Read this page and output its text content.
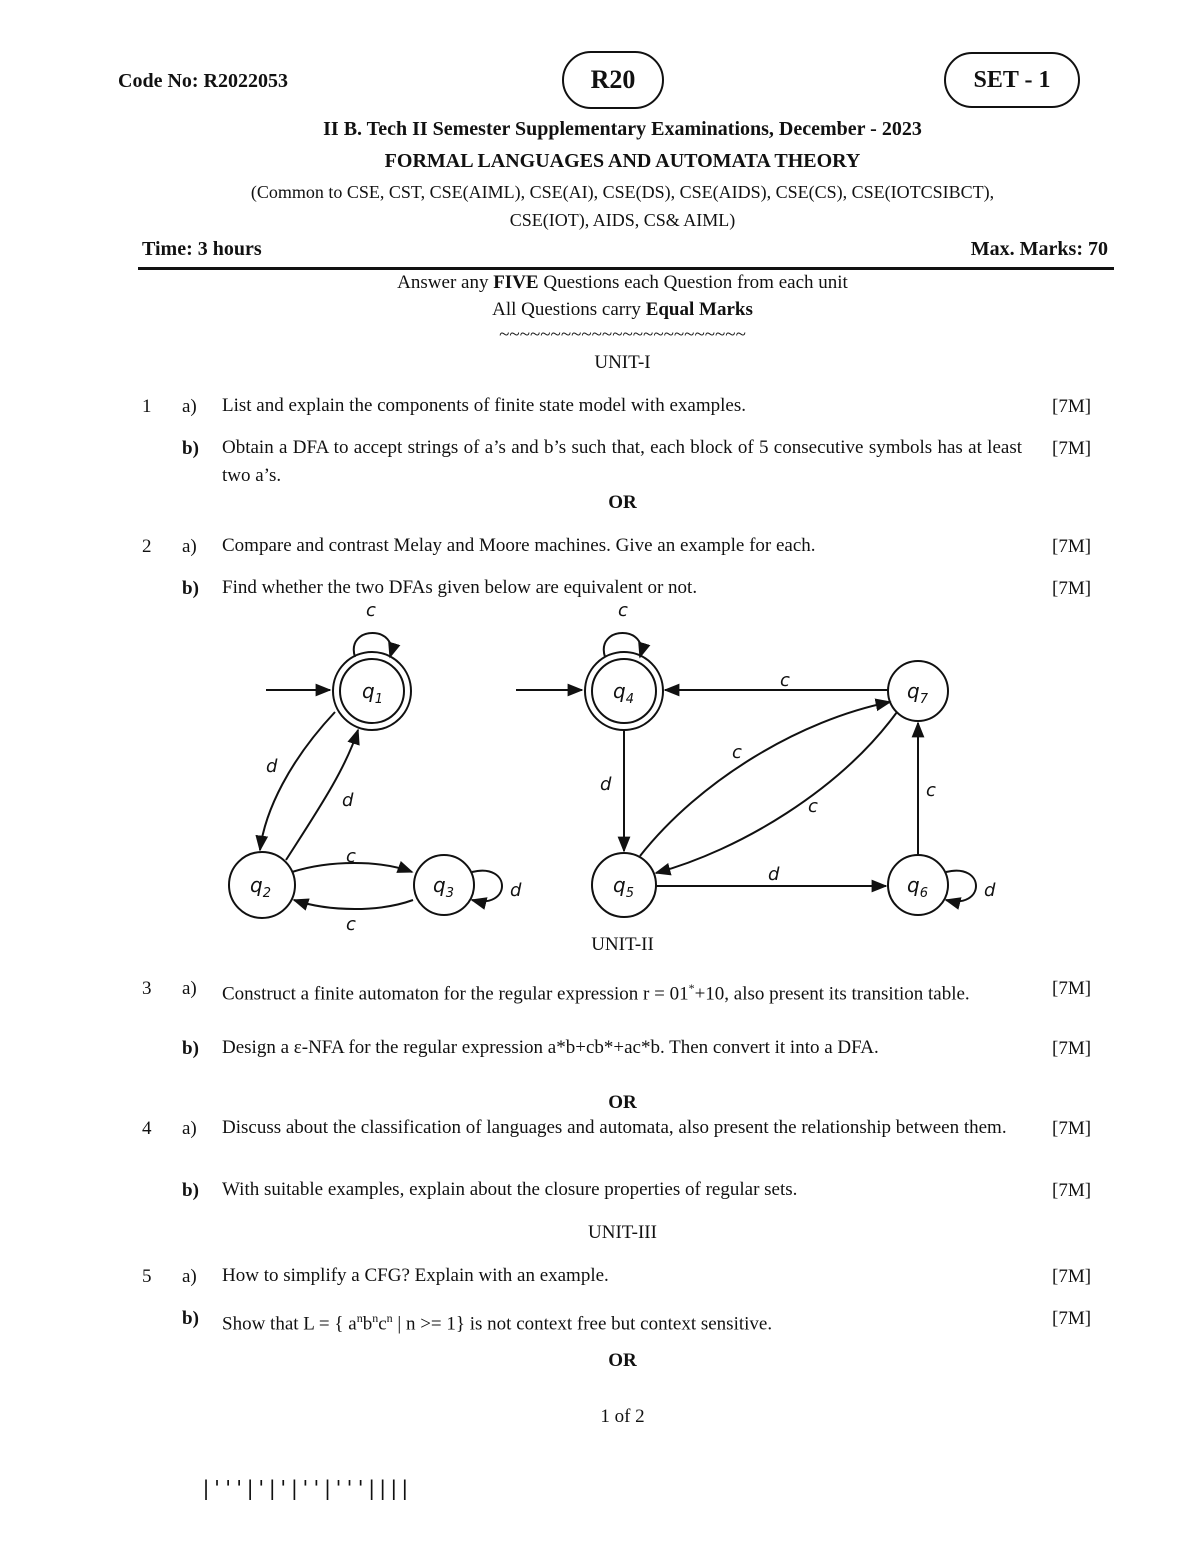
Code No: R2022053	R20	SET - 1
II B. Tech II Semester Supplementary Examinations, December - 2023
FORMAL LANGUAGES AND AUTOMATA THEORY
(Common to CSE, CST, CSE(AIML), CSE(AI), CSE(DS), CSE(AIDS), CSE(CS), CSE(IOTCSIBCT),
CSE(IOT), AIDS, CS& AIML)
Time: 3 hours	Max. Marks: 70
Answer any FIVE Questions each Question from each unit
All Questions carry Equal Marks
~~~~~~~~~~~~~~~~~~~~~~~~
UNIT-I
1 a) List and explain the components of finite state model with examples.	[7M]
b) Obtain a DFA to accept strings of a’s and b’s such that, each block of 5 consecutive symbols has at least two a’s.
[7M]
OR
2 a) Compare and contrast Melay and Moore machines. Give an example for each.	[7M]
b) Find whether the two DFAs given below are equivalent or not.	[7M]
$q_1$
$q_2$	$q_3$
$q_4$
$q_5$	$q_6$
$q_7$
c
d
d
c
c
d
c
c
d
c
c
c
d
d
UNIT-II
3 a) Construct a finite automaton for the regular expression r = 01*+10, also present its transition table.	[7M]
b) Design a ε-NFA for the regular expression a*b+cb*+ac*b. Then convert it into a DFA.	[7M]
OR
4 a) Discuss about the classification of languages and automata, also present the relationship between them.	[7M]
b) With suitable examples, explain about the closure properties of regular sets.	[7M]
UNIT-III
5 a) How to simplify a CFG? Explain with an example.	[7M]
b) Show that L = { $a^nb^nc^n$ | n >= 1} is not context free but context sensitive.	[7M]
OR
1 of 2
|'''|'|'|''|'''||||
